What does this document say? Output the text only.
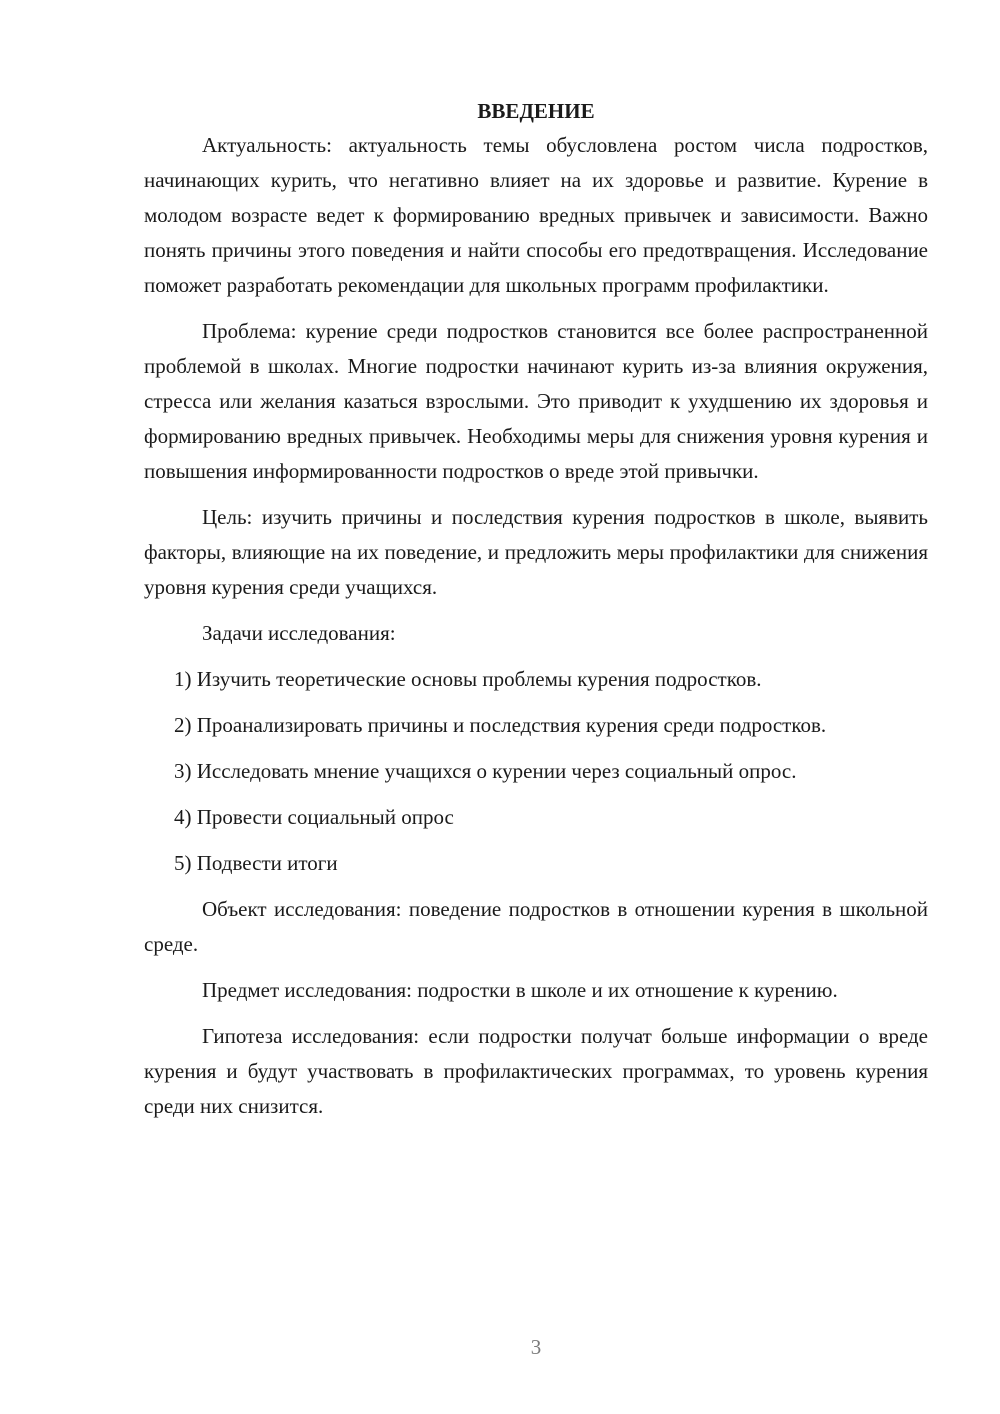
ВВЕДЕНИЕ

Актуальность: актуальность темы обусловлена ростом числа подростков, начинающих курить, что негативно влияет на их здоровье и развитие. Курение в молодом возрасте ведет к формированию вредных привычек и зависимости. Важно понять причины этого поведения и найти способы его предотвращения. Исследование поможет разработать рекомендации для школьных программ профилактики.

Проблема: курение среди подростков становится все более распространенной проблемой в школах. Многие подростки начинают курить из-за влияния окружения, стресса или желания казаться взрослыми. Это приводит к ухудшению их здоровья и формированию вредных привычек. Необходимы меры для снижения уровня курения и повышения информированности подростков о вреде этой привычки.

Цель: изучить причины и последствия курения подростков в школе, выявить факторы, влияющие на их поведение, и предложить меры профилактики для снижения уровня курения среди учащихся.

Задачи исследования:

1) Изучить теоретические основы проблемы курения подростков.

2) Проанализировать причины и последствия курения среди подростков.

3) Исследовать мнение учащихся о курении через социальный опрос.

4) Провести социальный опрос

5) Подвести итоги

Объект исследования: поведение подростков в отношении курения в школьной среде.

Предмет исследования: подростки в школе и их отношение к курению.

Гипотеза исследования: если подростки получат больше информации о вреде курения и будут участвовать в профилактических программах, то уровень курения среди них снизится.

3
